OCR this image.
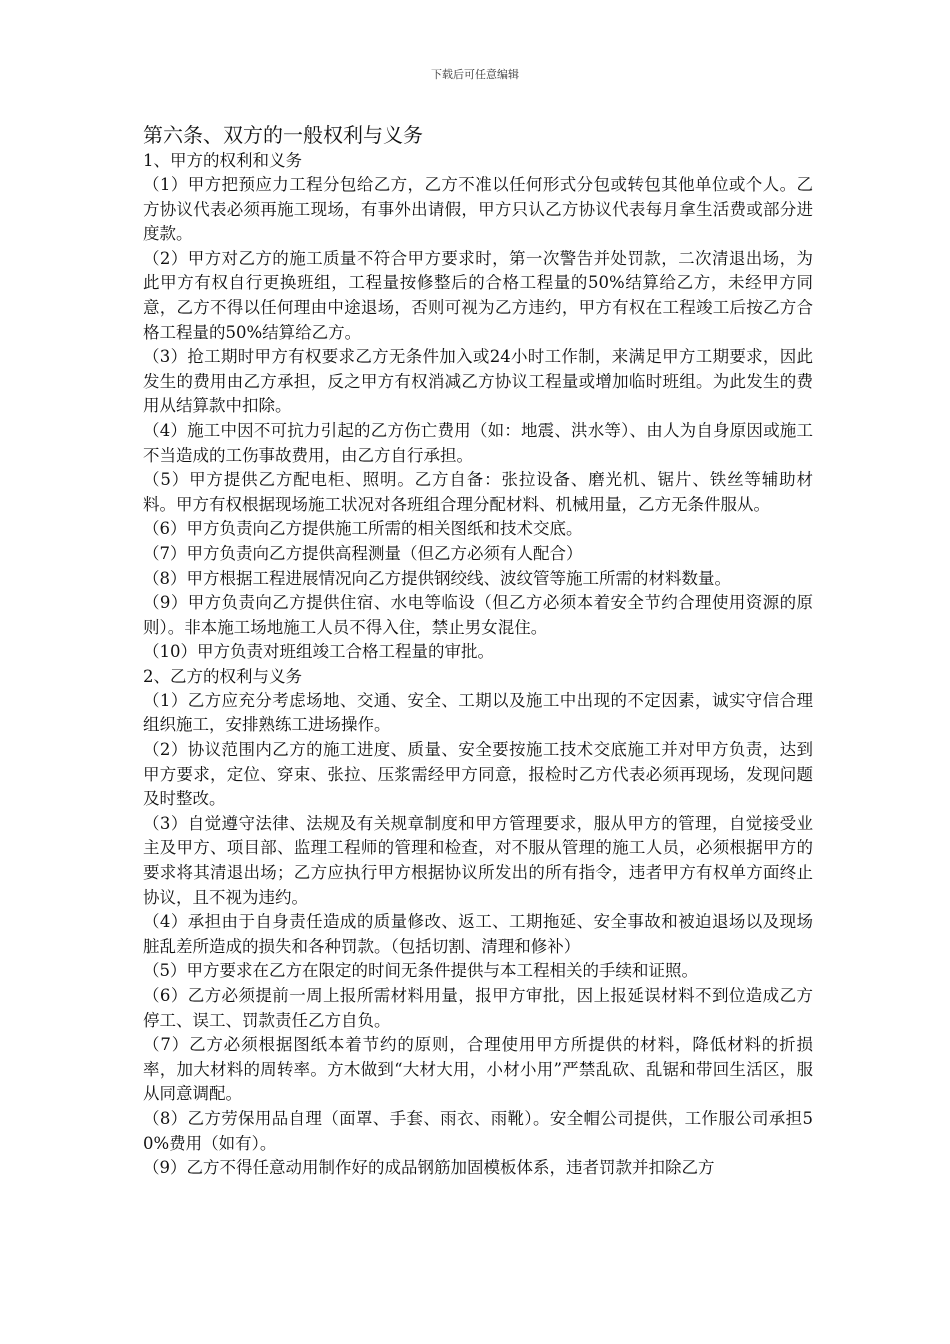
下载后可任意编辑
第六条、双方的一般权利与义务
1、甲方的权利和义务

（1）甲方把预应力工程分包给乙方，乙方不准以任何形式分包或转包其他单位或个人。乙方协议代表必须再施工现场，有事外出请假，甲方只认乙方协议代表每月拿生活费或部分进度款。

（2）甲方对乙方的施工质量不符合甲方要求时，第一次警告并处罚款，二次清退出场，为此甲方有权自行更换班组，工程量按修整后的合格工程量的50%结算给乙方，未经甲方同意，乙方不得以任何理由中途退场，否则可视为乙方违约，甲方有权在工程竣工后按乙方合格工程量的50%结算给乙方。

（3）抢工期时甲方有权要求乙方无条件加入或24小时工作制，来满足甲方工期要求，因此发生的费用由乙方承担，反之甲方有权消减乙方协议工程量或增加临时班组。为此发生的费用从结算款中扣除。

（4）施工中因不可抗力引起的乙方伤亡费用（如：地震、洪水等）、由人为自身原因或施工不当造成的工伤事故费用，由乙方自行承担。

（5）甲方提供乙方配电柜、照明。乙方自备：张拉设备、磨光机、锯片、铁丝等辅助材料。甲方有权根据现场施工状况对各班组合理分配材料、机械用量，乙方无条件服从。

（6）甲方负责向乙方提供施工所需的相关图纸和技术交底。

（7）甲方负责向乙方提供高程测量（但乙方必须有人配合）

（8）甲方根据工程进展情况向乙方提供钢绞线、波纹管等施工所需的材料数量。

（9）甲方负责向乙方提供住宿、水电等临设（但乙方必须本着安全节约合理使用资源的原则）。非本施工场地施工人员不得入住，禁止男女混住。

（10）甲方负责对班组竣工合格工程量的审批。

2、乙方的权利与义务

（1）乙方应充分考虑场地、交通、安全、工期以及施工中出现的不定因素，诚实守信合理组织施工，安排熟练工进场操作。

（2）协议范围内乙方的施工进度、质量、安全要按施工技术交底施工并对甲方负责，达到甲方要求，定位、穿束、张拉、压浆需经甲方同意，报检时乙方代表必须再现场，发现问题及时整改。

（3）自觉遵守法律、法规及有关规章制度和甲方管理要求，服从甲方的管理，自觉接受业主及甲方、项目部、监理工程师的管理和检查，对不服从管理的施工人员，必须根据甲方的要求将其清退出场；乙方应执行甲方根据协议所发出的所有指令，违者甲方有权单方面终止协议，且不视为违约。

（4）承担由于自身责任造成的质量修改、返工、工期拖延、安全事故和被迫退场以及现场脏乱差所造成的损失和各种罚款。（包括切割、清理和修补）

（5）甲方要求在乙方在限定的时间无条件提供与本工程相关的手续和证照。

（6）乙方必须提前一周上报所需材料用量，报甲方审批，因上报延误材料不到位造成乙方停工、误工、罚款责任乙方自负。

（7）乙方必须根据图纸本着节约的原则，合理使用甲方所提供的材料，降低材料的折损率，加大材料的周转率。方木做到“大材大用，小材小用”严禁乱砍、乱锯和带回生活区，服从同意调配。

（8）乙方劳保用品自理（面罩、手套、雨衣、雨靴）。安全帽公司提供，工作服公司承担50%费用（如有）。

（9）乙方不得任意动用制作好的成品钢筋加固模板体系，违者罚款并扣除乙方
